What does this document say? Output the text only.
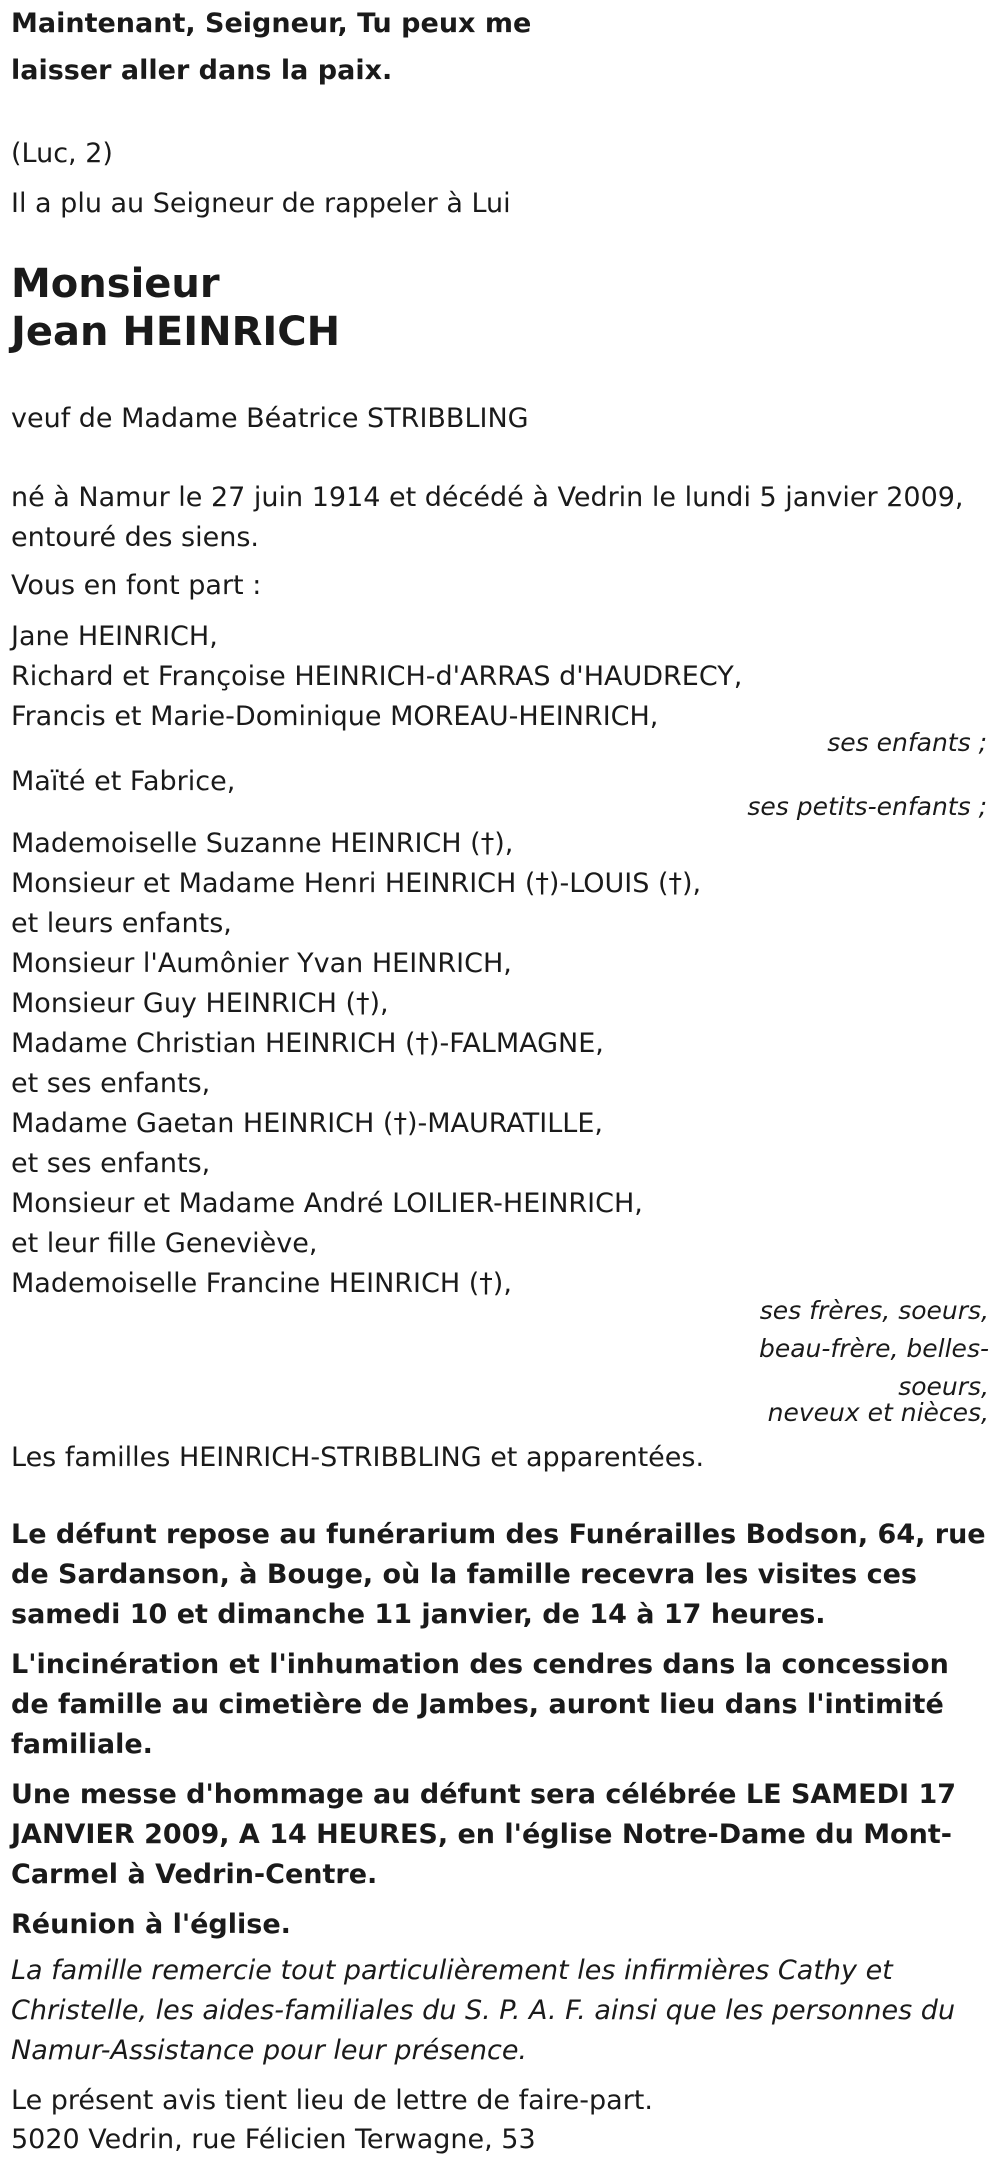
Maintenant, Seigneur, Tu peux me
laisser aller dans la paix.
(Luc, 2)
Il a plu au Seigneur de rappeler à Lui
Monsieur
Jean HEINRICH
veuf de Madame Béatrice STRIBBLING
né à Namur le 27 juin 1914 et décédé à Vedrin le lundi 5 janvier 2009,
entouré des siens.
Vous en font part :
Jane HEINRICH,
Richard et Françoise HEINRICH-d'ARRAS d'HAUDRECY,
Francis et Marie-Dominique MOREAU-HEINRICH,
ses enfants ;
Maïté et Fabrice,
ses petits-enfants ;
Mademoiselle Suzanne HEINRICH (†),
Monsieur et Madame Henri HEINRICH (†)-LOUIS (†),
et leurs enfants,
Monsieur l'Aumônier Yvan HEINRICH,
Monsieur Guy HEINRICH (†),
Madame Christian HEINRICH (†)-FALMAGNE,
et ses enfants,
Madame Gaetan HEINRICH (†)-MAURATILLE,
et ses enfants,
Monsieur et Madame André LOILIER-HEINRICH,
et leur fille Geneviève,
Mademoiselle Francine HEINRICH (†),
ses frères, soeurs,
beau-frère, belles-soeurs,
neveux et nièces,
Les familles HEINRICH-STRIBBLING et apparentées.
Le défunt repose au funérarium des Funérailles Bodson, 64, rue de Sardanson, à Bouge, où la famille recevra les visites ces samedi 10 et dimanche 11 janvier, de 14 à 17 heures.
L'incinération et l'inhumation des cendres dans la concession de famille au cimetière de Jambes, auront lieu dans l'intimité familiale.
Une messe d'hommage au défunt sera célébrée LE SAMEDI 17 JANVIER 2009, A 14 HEURES, en l'église Notre-Dame du Mont-Carmel à Vedrin-Centre.
Réunion à l'église.
La famille remercie tout particulièrement les infirmières Cathy et Christelle, les aides-familiales du S. P. A. F. ainsi que les personnes du Namur-Assistance pour leur présence.
Le présent avis tient lieu de lettre de faire-part.
5020 Vedrin, rue Félicien Terwagne, 53
